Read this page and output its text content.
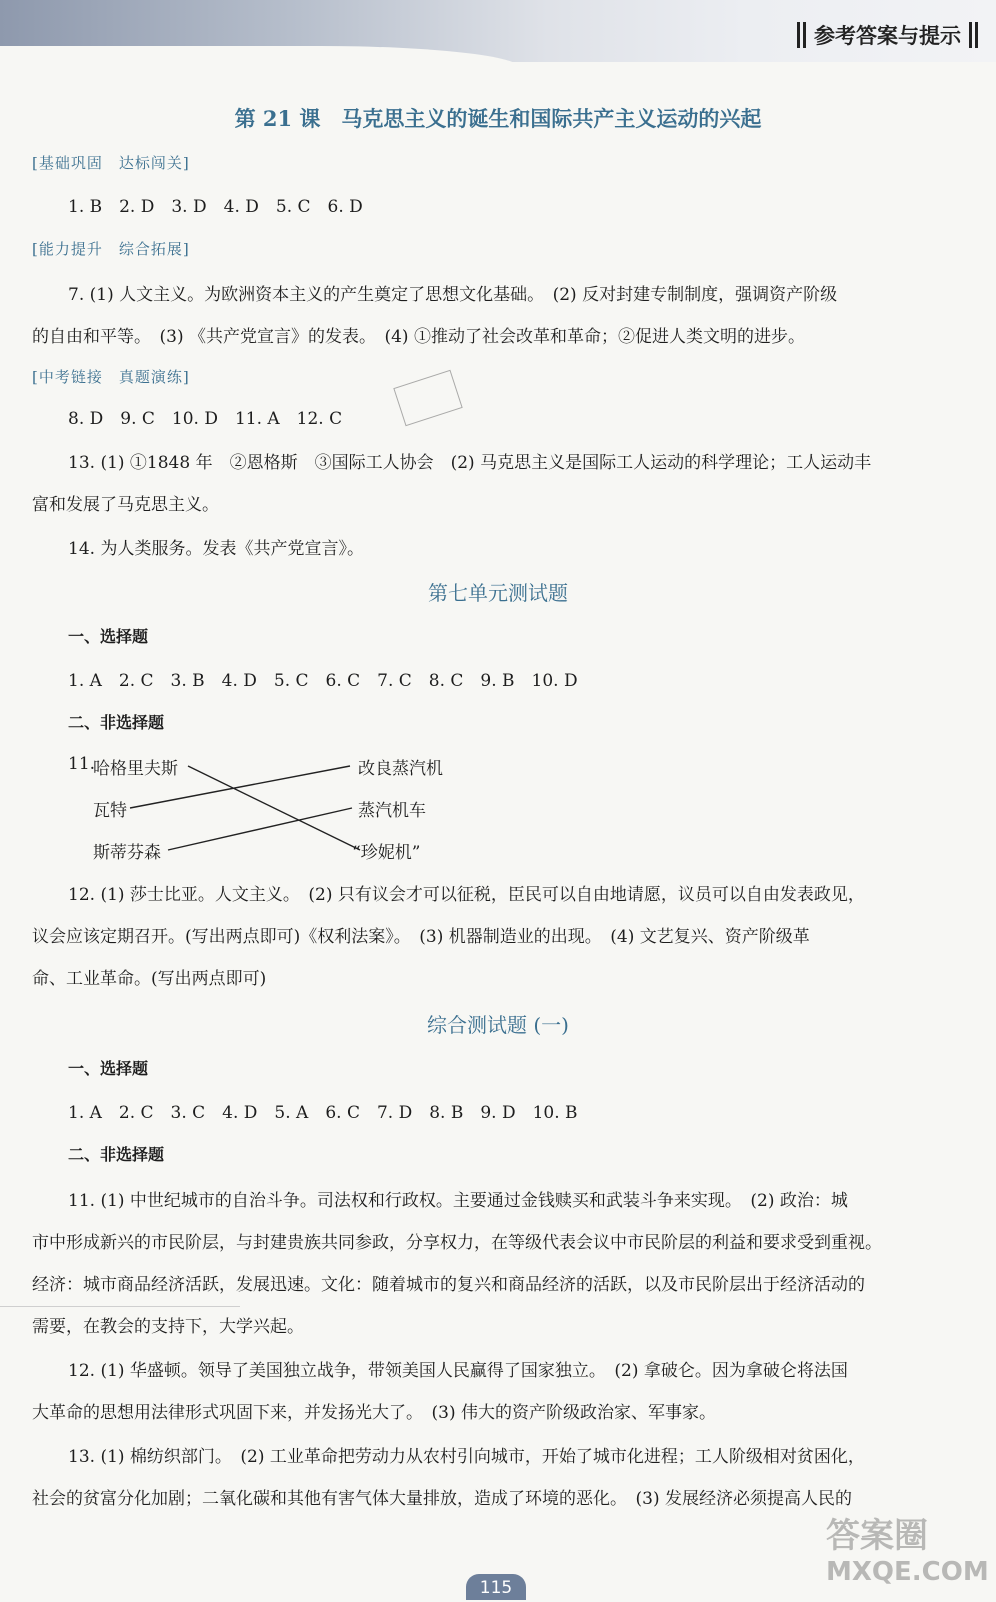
参考答案与提示
第 21 课　马克思主义的诞生和国际共产主义运动的兴起
[基础巩固　达标闯关]
1. B　2. D　3. D　4. D　5. C　6. D
[能力提升　综合拓展]
7. (1) 人文主义。为欧洲资本主义的产生奠定了思想文化基础。　(2) 反对封建专制制度，强调资产阶级
的自由和平等。　(3) 《共产党宣言》的发表。　(4) ①推动了社会改革和革命；②促进人类文明的进步。
[中考链接　真题演练]
8. D　9. C　10. D　11. A　12. C
13. (1) ①1848 年　②恩格斯　③国际工人协会　(2) 马克思主义是国际工人运动的科学理论；工人运动丰
富和发展了马克思主义。
14. 为人类服务。发表《共产党宣言》。
第七单元测试题
一、选择题
1. A　2. C　3. B　4. D　5. C　6. C　7. C　8. C　9. B　10. D
二、非选择题
11.
哈格里夫斯
瓦特
斯蒂芬森
改良蒸汽机
蒸汽机车
“珍妮机”
12. (1) 莎士比亚。人文主义。　(2) 只有议会才可以征税，臣民可以自由地请愿，议员可以自由发表政见，
议会应该定期召开。(写出两点即可)《权利法案》。　(3) 机器制造业的出现。　(4) 文艺复兴、资产阶级革
命、工业革命。(写出两点即可)
综合测试题 (一)
一、选择题
1. A　2. C　3. C　4. D　5. A　6. C　7. D　8. B　9. D　10. B
二、非选择题
11. (1) 中世纪城市的自治斗争。司法权和行政权。主要通过金钱赎买和武装斗争来实现。　(2) 政治：城
市中形成新兴的市民阶层，与封建贵族共同参政，分享权力，在等级代表会议中市民阶层的利益和要求受到重视。
经济：城市商品经济活跃，发展迅速。文化：随着城市的复兴和商品经济的活跃，以及市民阶层出于经济活动的
需要，在教会的支持下，大学兴起。
12. (1) 华盛顿。领导了美国独立战争，带领美国人民赢得了国家独立。　(2) 拿破仑。因为拿破仑将法国
大革命的思想用法律形式巩固下来，并发扬光大了。　(3) 伟大的资产阶级政治家、军事家。
13. (1) 棉纺织部门。　(2) 工业革命把劳动力从农村引向城市，开始了城市化进程；工人阶级相对贫困化，
社会的贫富分化加剧；二氧化碳和其他有害气体大量排放，造成了环境的恶化。　(3) 发展经济必须提高人民的
答案圈
MXQE.COM
115
